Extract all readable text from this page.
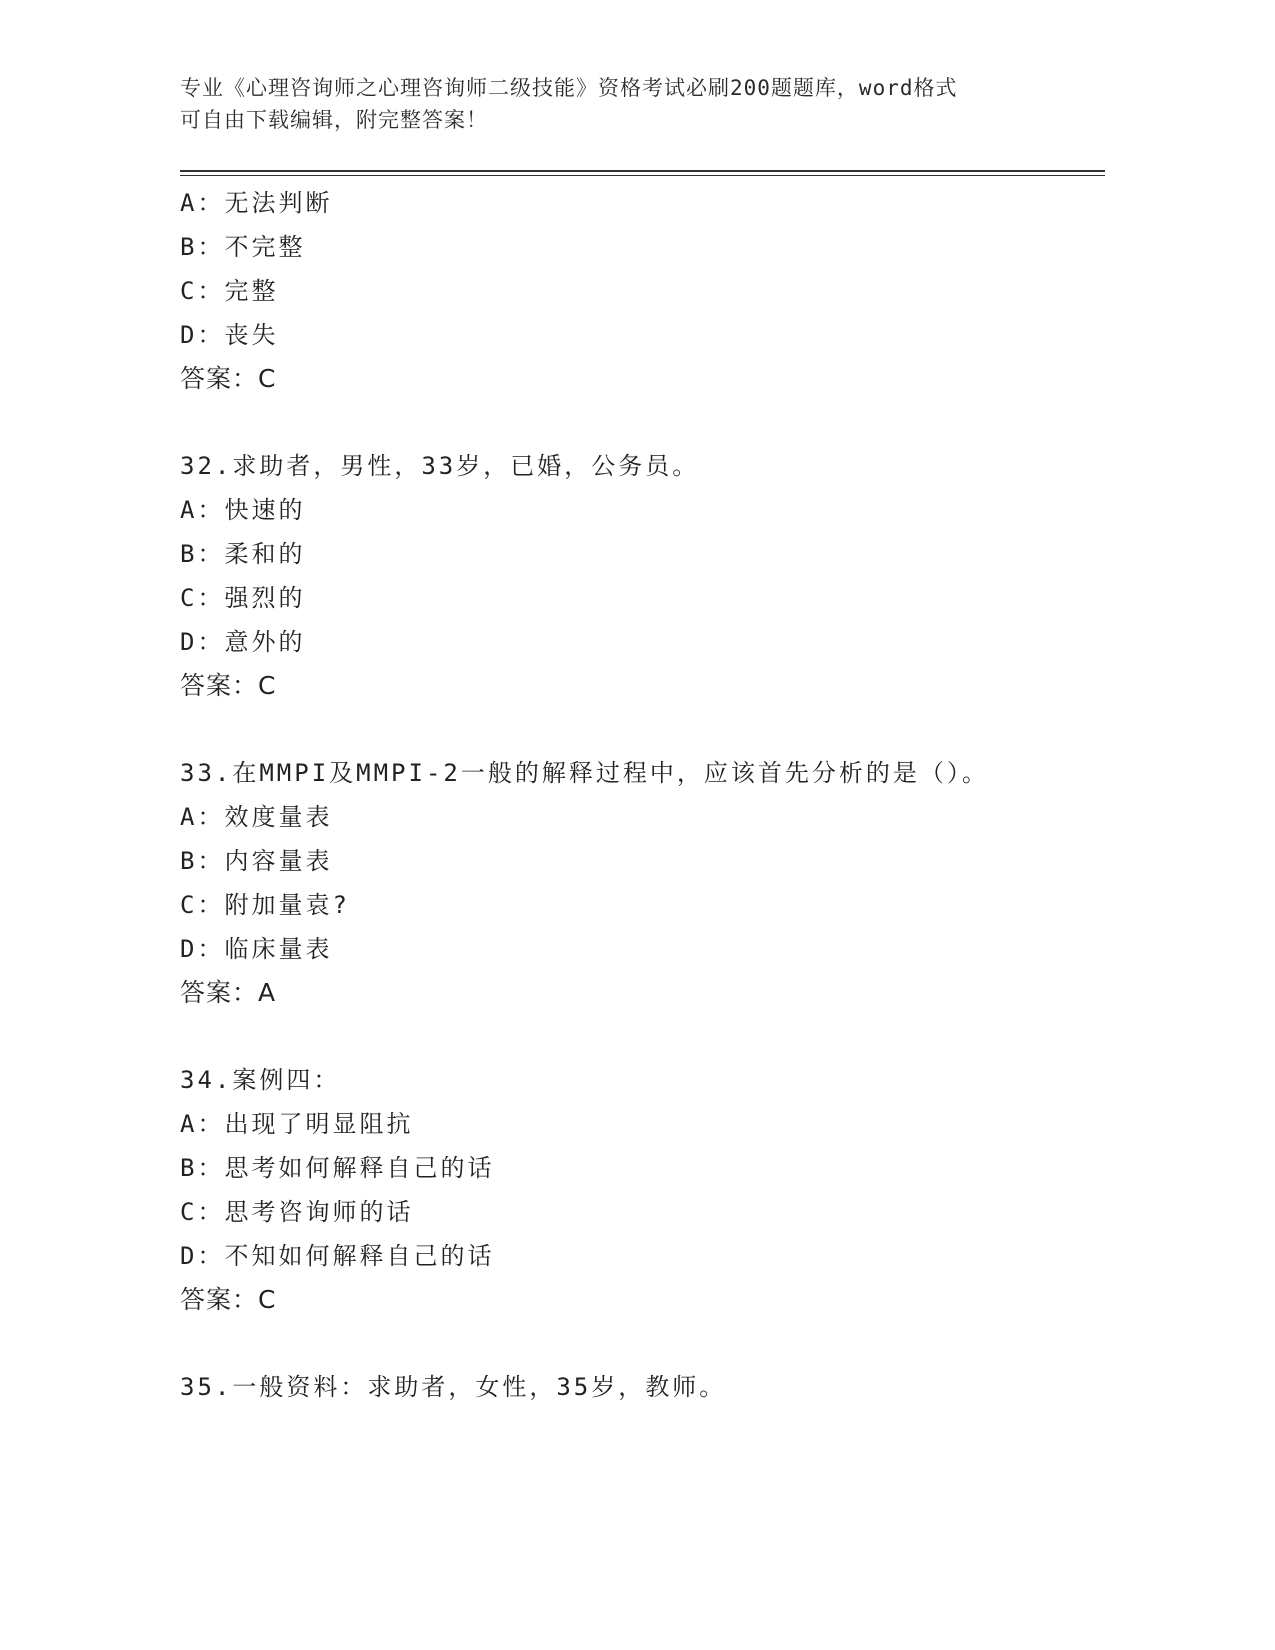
专业《心理咨询师之心理咨询师二级技能》资格考试必刷200题题库，word格式
可自由下载编辑，附完整答案！
A：无法判断
B：不完整
C：完整
D：丧失
答案：C
32.求助者，男性，33岁，已婚，公务员。
A：快速的
B：柔和的
C：强烈的
D：意外的
答案：C
33.在MMPI及MMPI-2一般的解释过程中，应该首先分析的是（）。
A：效度量表
B：内容量表
C：附加量袁?
D：临床量表
答案：A
34.案例四：
A：出现了明显阻抗
B：思考如何解释自己的话
C：思考咨询师的话
D：不知如何解释自己的话
答案：C
35.一般资料：求助者，女性，35岁，教师。
